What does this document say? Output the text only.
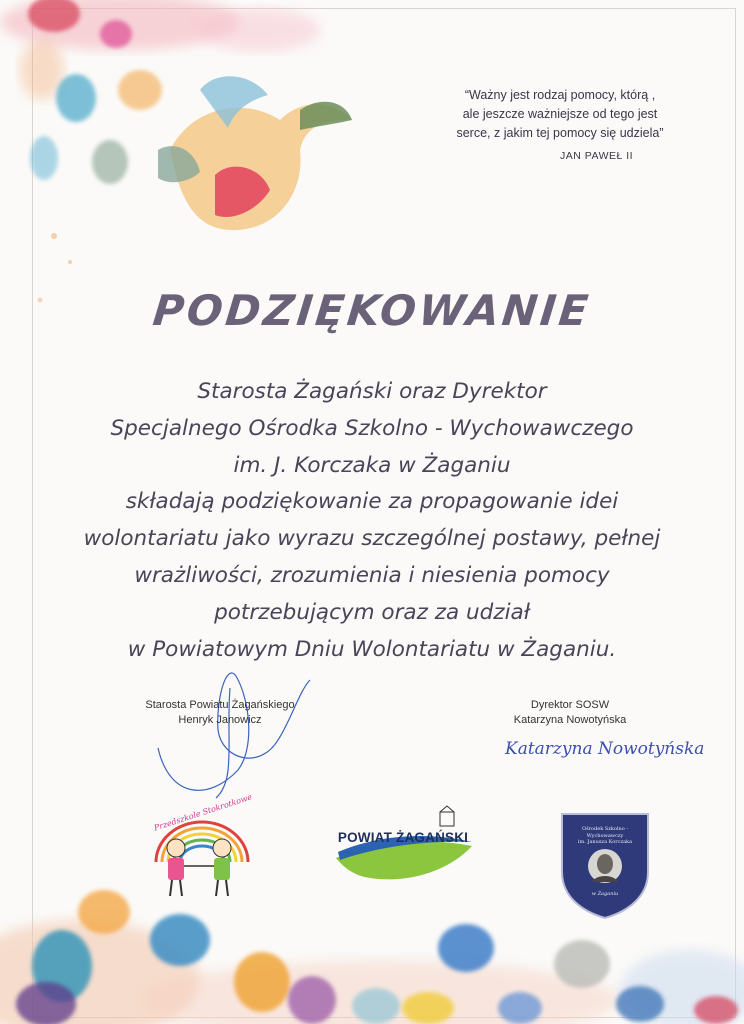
Katarzyna Nowotyńska
“Ważny jest rodzaj pomocy, którą ,
ale jeszcze ważniejsze od tego jest
serce, z jakim tej pomocy się udziela”
JAN PAWEŁ II
PODZIĘKOWANIE
Starosta Żagański oraz Dyrektor
Specjalnego Ośrodka Szkolno - Wychowawczego
im. J. Korczaka w Żaganiu
składają podziękowanie za propagowanie idei
wolontariatu jako wyrazu szczególnej postawy, pełnej
wrażliwości, zrozumienia i niesienia pomocy
potrzebującym oraz za udział
w Powiatowym Dniu Wolontariatu w Żaganiu.
Starosta Powiatu Żagańskiego
Henryk Janowicz
Dyrektor SOSW
Katarzyna Nowotyńska
Przedszkole Stokrotkowe
POWIAT ŻAGAŃSKI
Ośrodek Szkolno - Wychowawczy
im. Janusza Korczaka
w Żaganiu
